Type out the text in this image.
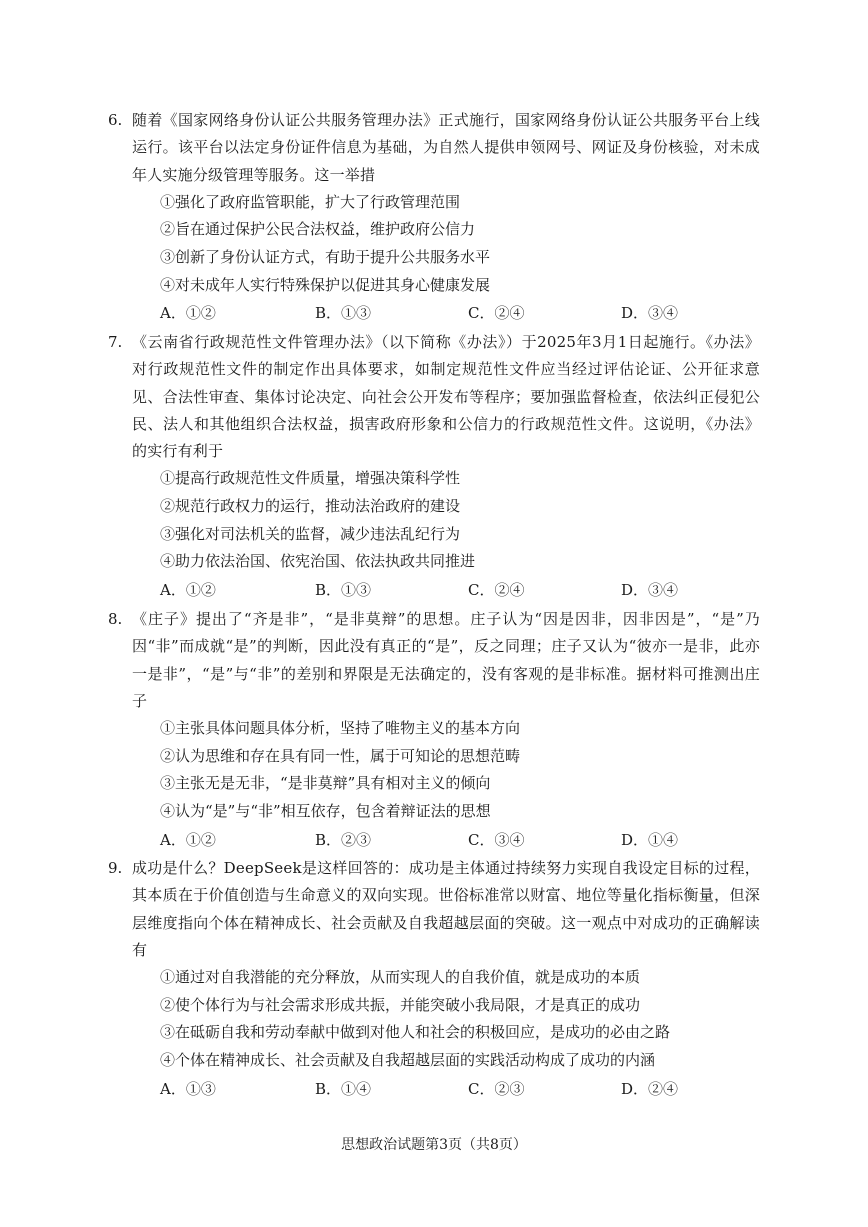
6. 随着《国家网络身份认证公共服务管理办法》正式施行，国家网络身份认证公共服务平台上线运行。该平台以法定身份证件信息为基础，为自然人提供申领网号、网证及身份核验，对未成年人实施分级管理等服务。这一举措
①强化了政府监管职能，扩大了行政管理范围
②旨在通过保护公民合法权益，维护政府公信力
③创新了身份认证方式，有助于提升公共服务水平
④对未成年人实行特殊保护以促进其身心健康发展
A．①②	B．①③	C．②④	D．③④
7. 《云南省行政规范性文件管理办法》（以下简称《办法》）于2025年3月1日起施行。《办法》对行政规范性文件的制定作出具体要求，如制定规范性文件应当经过评估论证、公开征求意见、合法性审查、集体讨论决定、向社会公开发布等程序；要加强监督检查，依法纠正侵犯公民、法人和其他组织合法权益，损害政府形象和公信力的行政规范性文件。这说明，《办法》的实行有利于
①提高行政规范性文件质量，增强决策科学性
②规范行政权力的运行，推动法治政府的建设
③强化对司法机关的监督，减少违法乱纪行为
④助力依法治国、依宪治国、依法执政共同推进
A．①②	B．①③	C．②④	D．③④
8. 《庄子》提出了“齐是非”，“是非莫辩”的思想。庄子认为“因是因非，因非因是”，“是”乃因“非”而成就“是”的判断，因此没有真正的“是”，反之同理；庄子又认为“彼亦一是非，此亦一是非”，“是”与“非”的差别和界限是无法确定的，没有客观的是非标准。据材料可推测出庄子
①主张具体问题具体分析，坚持了唯物主义的基本方向
②认为思维和存在具有同一性，属于可知论的思想范畴
③主张无是无非，“是非莫辩”具有相对主义的倾向
④认为“是”与“非”相互依存，包含着辩证法的思想
A．①②	B．②③	C．③④	D．①④
9. 成功是什么？DeepSeek是这样回答的：成功是主体通过持续努力实现自我设定目标的过程，其本质在于价值创造与生命意义的双向实现。世俗标准常以财富、地位等量化指标衡量，但深层维度指向个体在精神成长、社会贡献及自我超越层面的突破。这一观点中对成功的正确解读有
①通过对自我潜能的充分释放，从而实现人的自我价值，就是成功的本质
②使个体行为与社会需求形成共振，并能突破小我局限，才是真正的成功
③在砥砺自我和劳动奉献中做到对他人和社会的积极回应，是成功的必由之路
④个体在精神成长、社会贡献及自我超越层面的实践活动构成了成功的内涵
A．①③	B．①④	C．②③	D．②④
思想政治试题第3页（共8页）
